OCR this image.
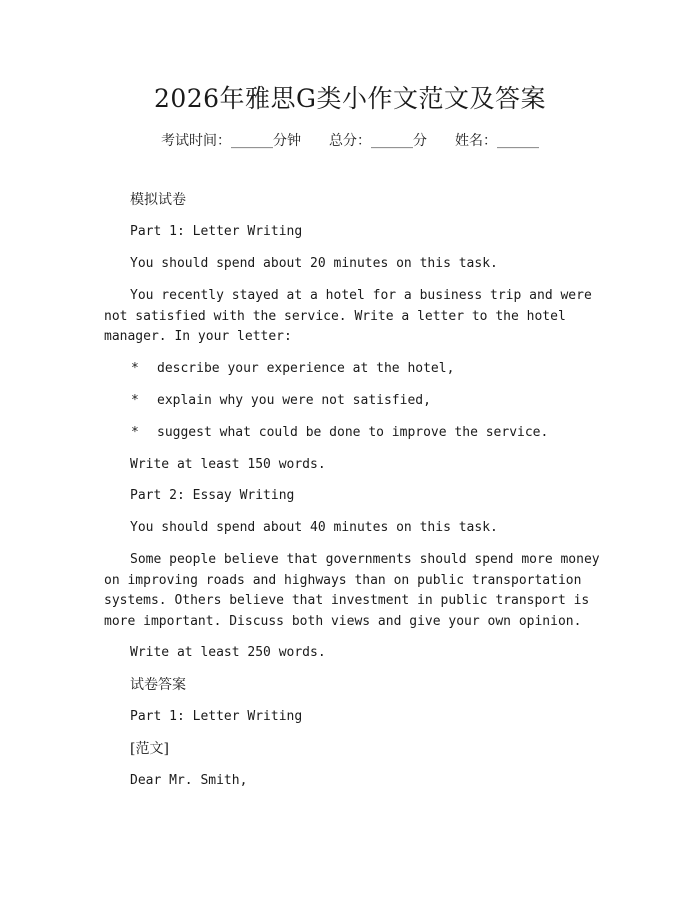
2026年雅思G类小作文范文及答案
考试时间：______分钟 总分：______分 姓名：______
模拟试卷
Part 1: Letter Writing
You should spend about 20 minutes on this task.
You recently stayed at a hotel for a business trip and were not satisfied with the service. Write a letter to the hotel manager. In your letter:
* describe your experience at the hotel,
* explain why you were not satisfied,
* suggest what could be done to improve the service.
Write at least 150 words.
Part 2: Essay Writing
You should spend about 40 minutes on this task.
Some people believe that governments should spend more money on improving roads and highways than on public transportation systems. Others believe that investment in public transport is more important. Discuss both views and give your own opinion.
Write at least 250 words.
试卷答案
Part 1: Letter Writing
[范文]
Dear Mr. Smith,
